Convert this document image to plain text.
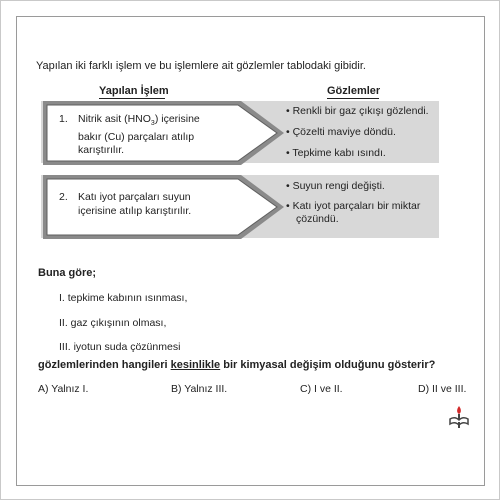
Yapılan iki farklı işlem ve bu işlemlere ait gözlemler tablodaki gibidir.
Yapılan İşlem	Gözlemler
1. Nitrik asit $(HNO_3)$ içerisine
bakır (Cu) parçaları atılıp
karıştırılır.
• Renkli bir gaz çıkışı gözlendi.
• Çözelti maviye döndü.
• Tepkime kabı ısındı.
2. Katı iyot parçaları suyun
içerisine atılıp karıştırılır.
• Suyun rengi değişti.
• Katı iyot parçaları bir miktar
çözündü.
Buna göre;
I. tepkime kabının ısınması,
II. gaz çıkışının olması,
III. iyotun suda çözünmesi
gözlemlerinden hangileri kesinlikle bir kimyasal değişim olduğunu gösterir?
A) Yalnız I.	B) Yalnız III.	C) I ve II.	D) II ve III.
